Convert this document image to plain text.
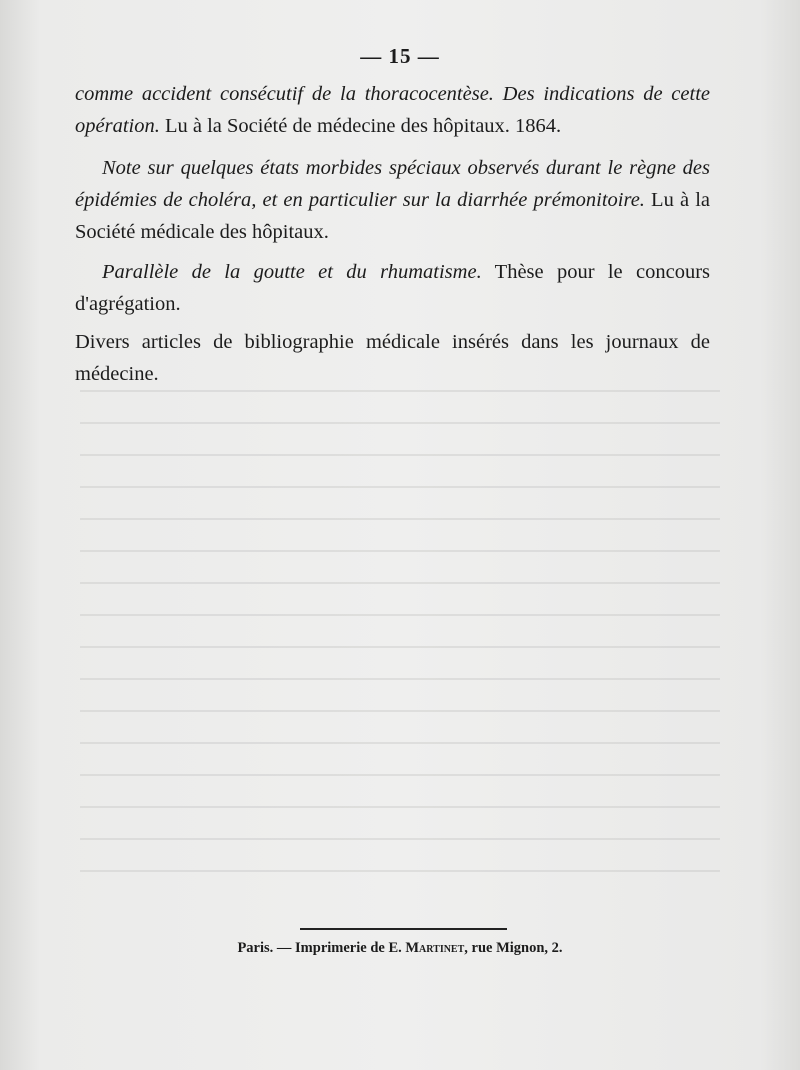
— 15 —

comme accident consécutif de la thoracocentèse. Des indications de cette opération. Lu à la Société de médecine des hôpitaux. 1864.

Note sur quelques états morbides spéciaux observés durant le règne des épidémies de choléra, et en particulier sur la diarrhée prémonitoire. Lu à la Société médicale des hôpitaux.

Parallèle de la goutte et du rhumatisme. Thèse pour le concours d'agrégation.

Divers articles de bibliographie médicale insérés dans les journaux de médecine.

Paris. — Imprimerie de E. Martinet, rue Mignon, 2.
